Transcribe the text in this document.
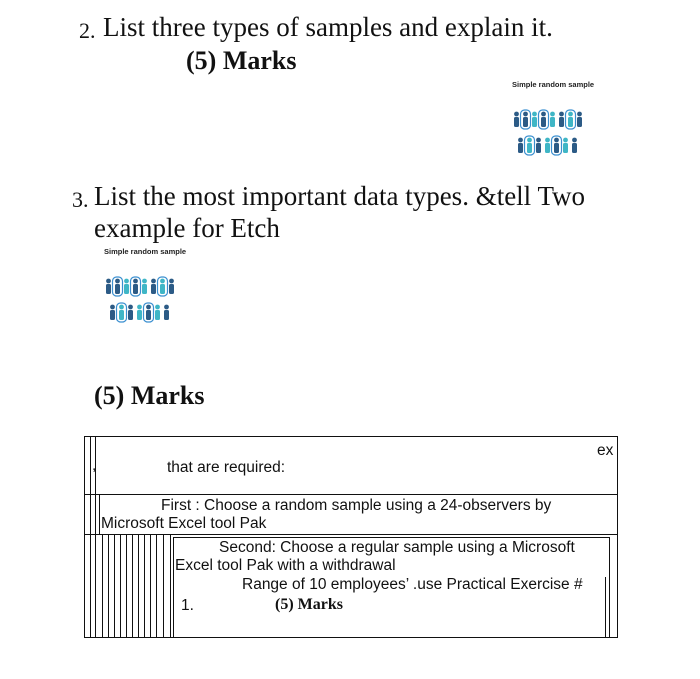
2. List three types of samples and explain it.
(5) Marks
Simple random sample
3. List the most important data types. &tell Two
example for Etch
Simple random sample
(5) Marks
ex
,	that are required:
First : Choose a random sample using a 24-observers by
Microsoft Excel tool Pak
Second: Choose a regular sample using a Microsoft
Excel tool Pak with a withdrawal
Range of 10 employees’ .use Practical Exercise #
1.	(5) Marks
